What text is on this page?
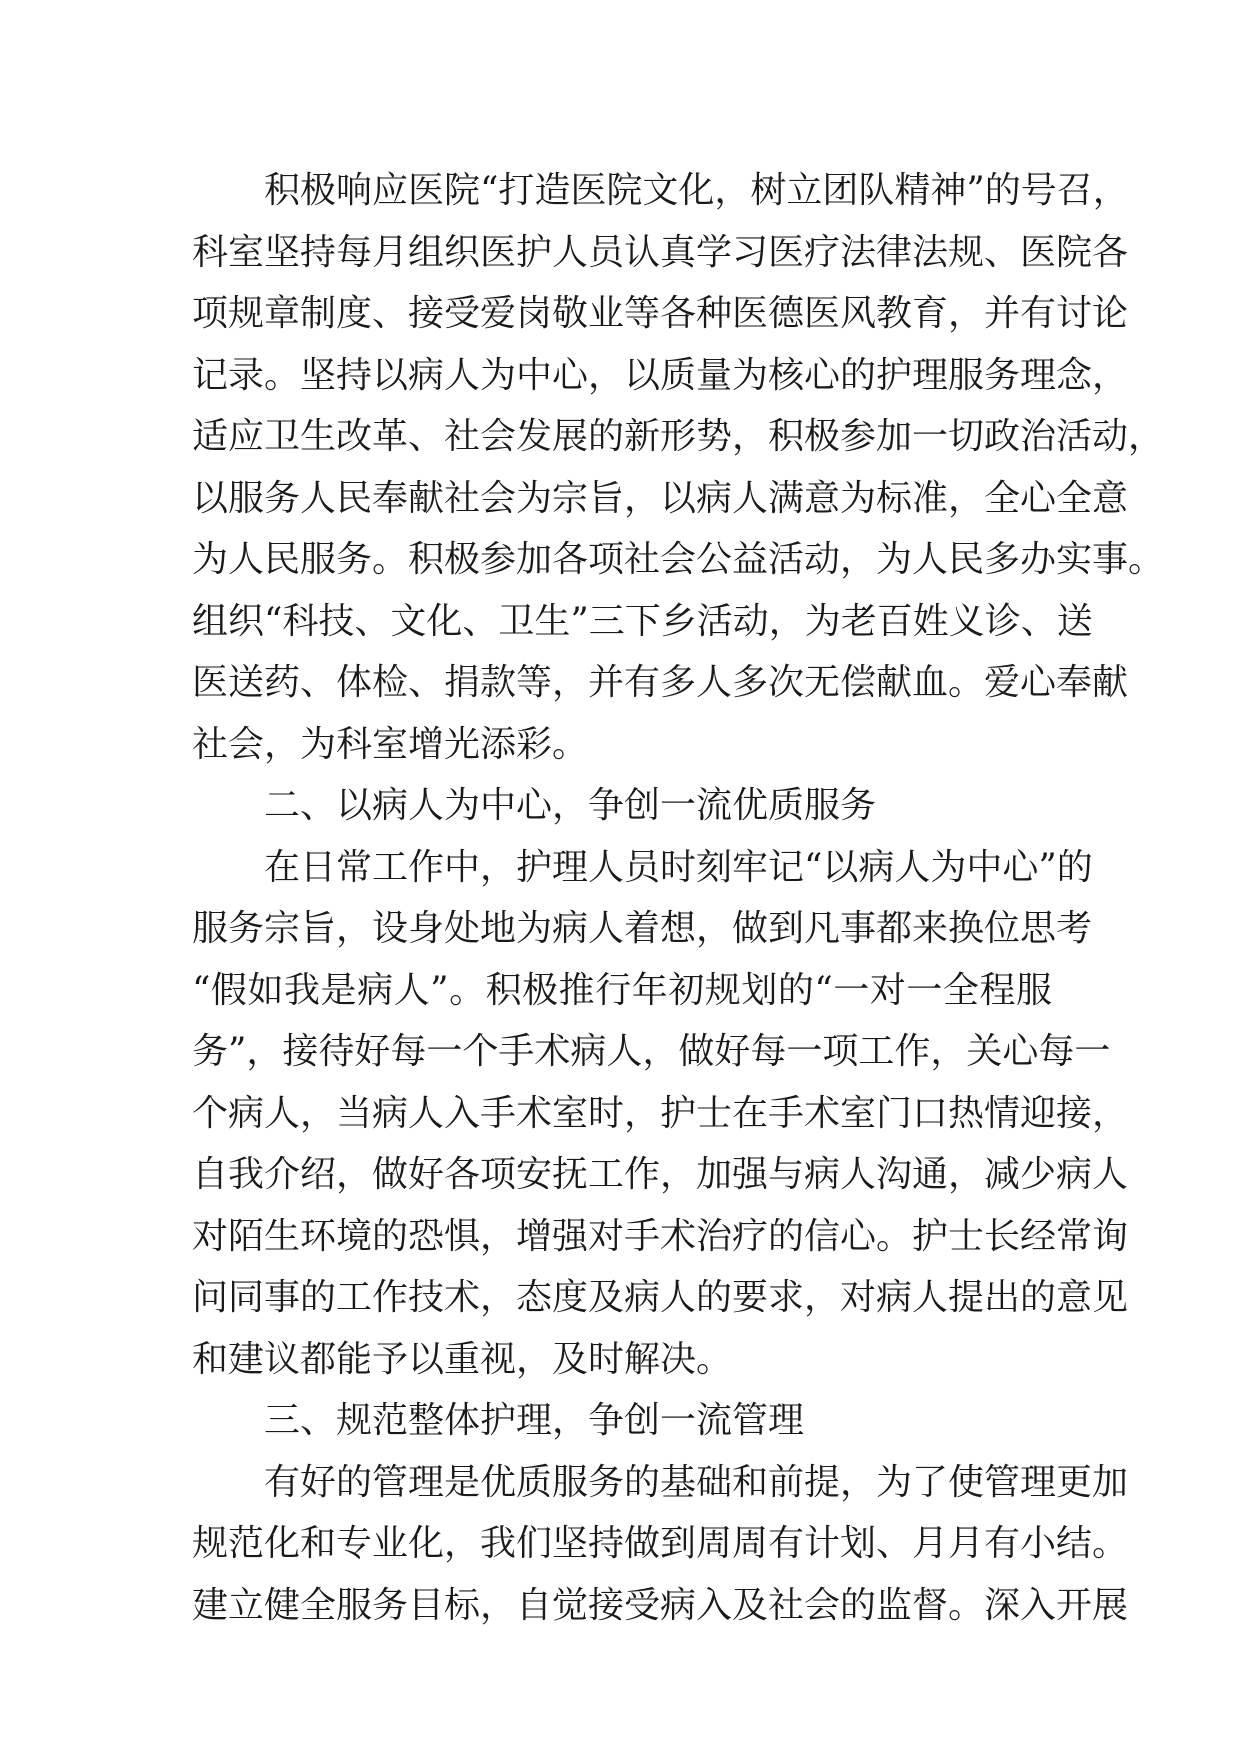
积极响应医院“打造医院文化，树立团队精神”的号召，
科室坚持每月组织医护人员认真学习医疗法律法规、医院各
项规章制度、接受爱岗敬业等各种医德医风教育，并有讨论
记录。坚持以病人为中心，以质量为核心的护理服务理念，
适应卫生改革、社会发展的新形势，积极参加一切政治活动，
以服务人民奉献社会为宗旨，以病人满意为标准，全心全意
为人民服务。积极参加各项社会公益活动，为人民多办实事。
组织“科技、文化、卫生”三下乡活动，为老百姓义诊、送
医送药、体检、捐款等，并有多人多次无偿献血。爱心奉献
社会，为科室增光添彩。
二、以病人为中心，争创一流优质服务
在日常工作中，护理人员时刻牢记“以病人为中心”的
服务宗旨，设身处地为病人着想，做到凡事都来换位思考
“假如我是病人”。积极推行年初规划的“一对一全程服
务”，接待好每一个手术病人，做好每一项工作，关心每一
个病人，当病人入手术室时，护士在手术室门口热情迎接，
自我介绍，做好各项安抚工作，加强与病人沟通，减少病人
对陌生环境的恐惧，增强对手术治疗的信心。护士长经常询
问同事的工作技术，态度及病人的要求，对病人提出的意见
和建议都能予以重视，及时解决。
三、规范整体护理，争创一流管理
有好的管理是优质服务的基础和前提，为了使管理更加
规范化和专业化，我们坚持做到周周有计划、月月有小结。
建立健全服务目标，自觉接受病入及社会的监督。深入开展
